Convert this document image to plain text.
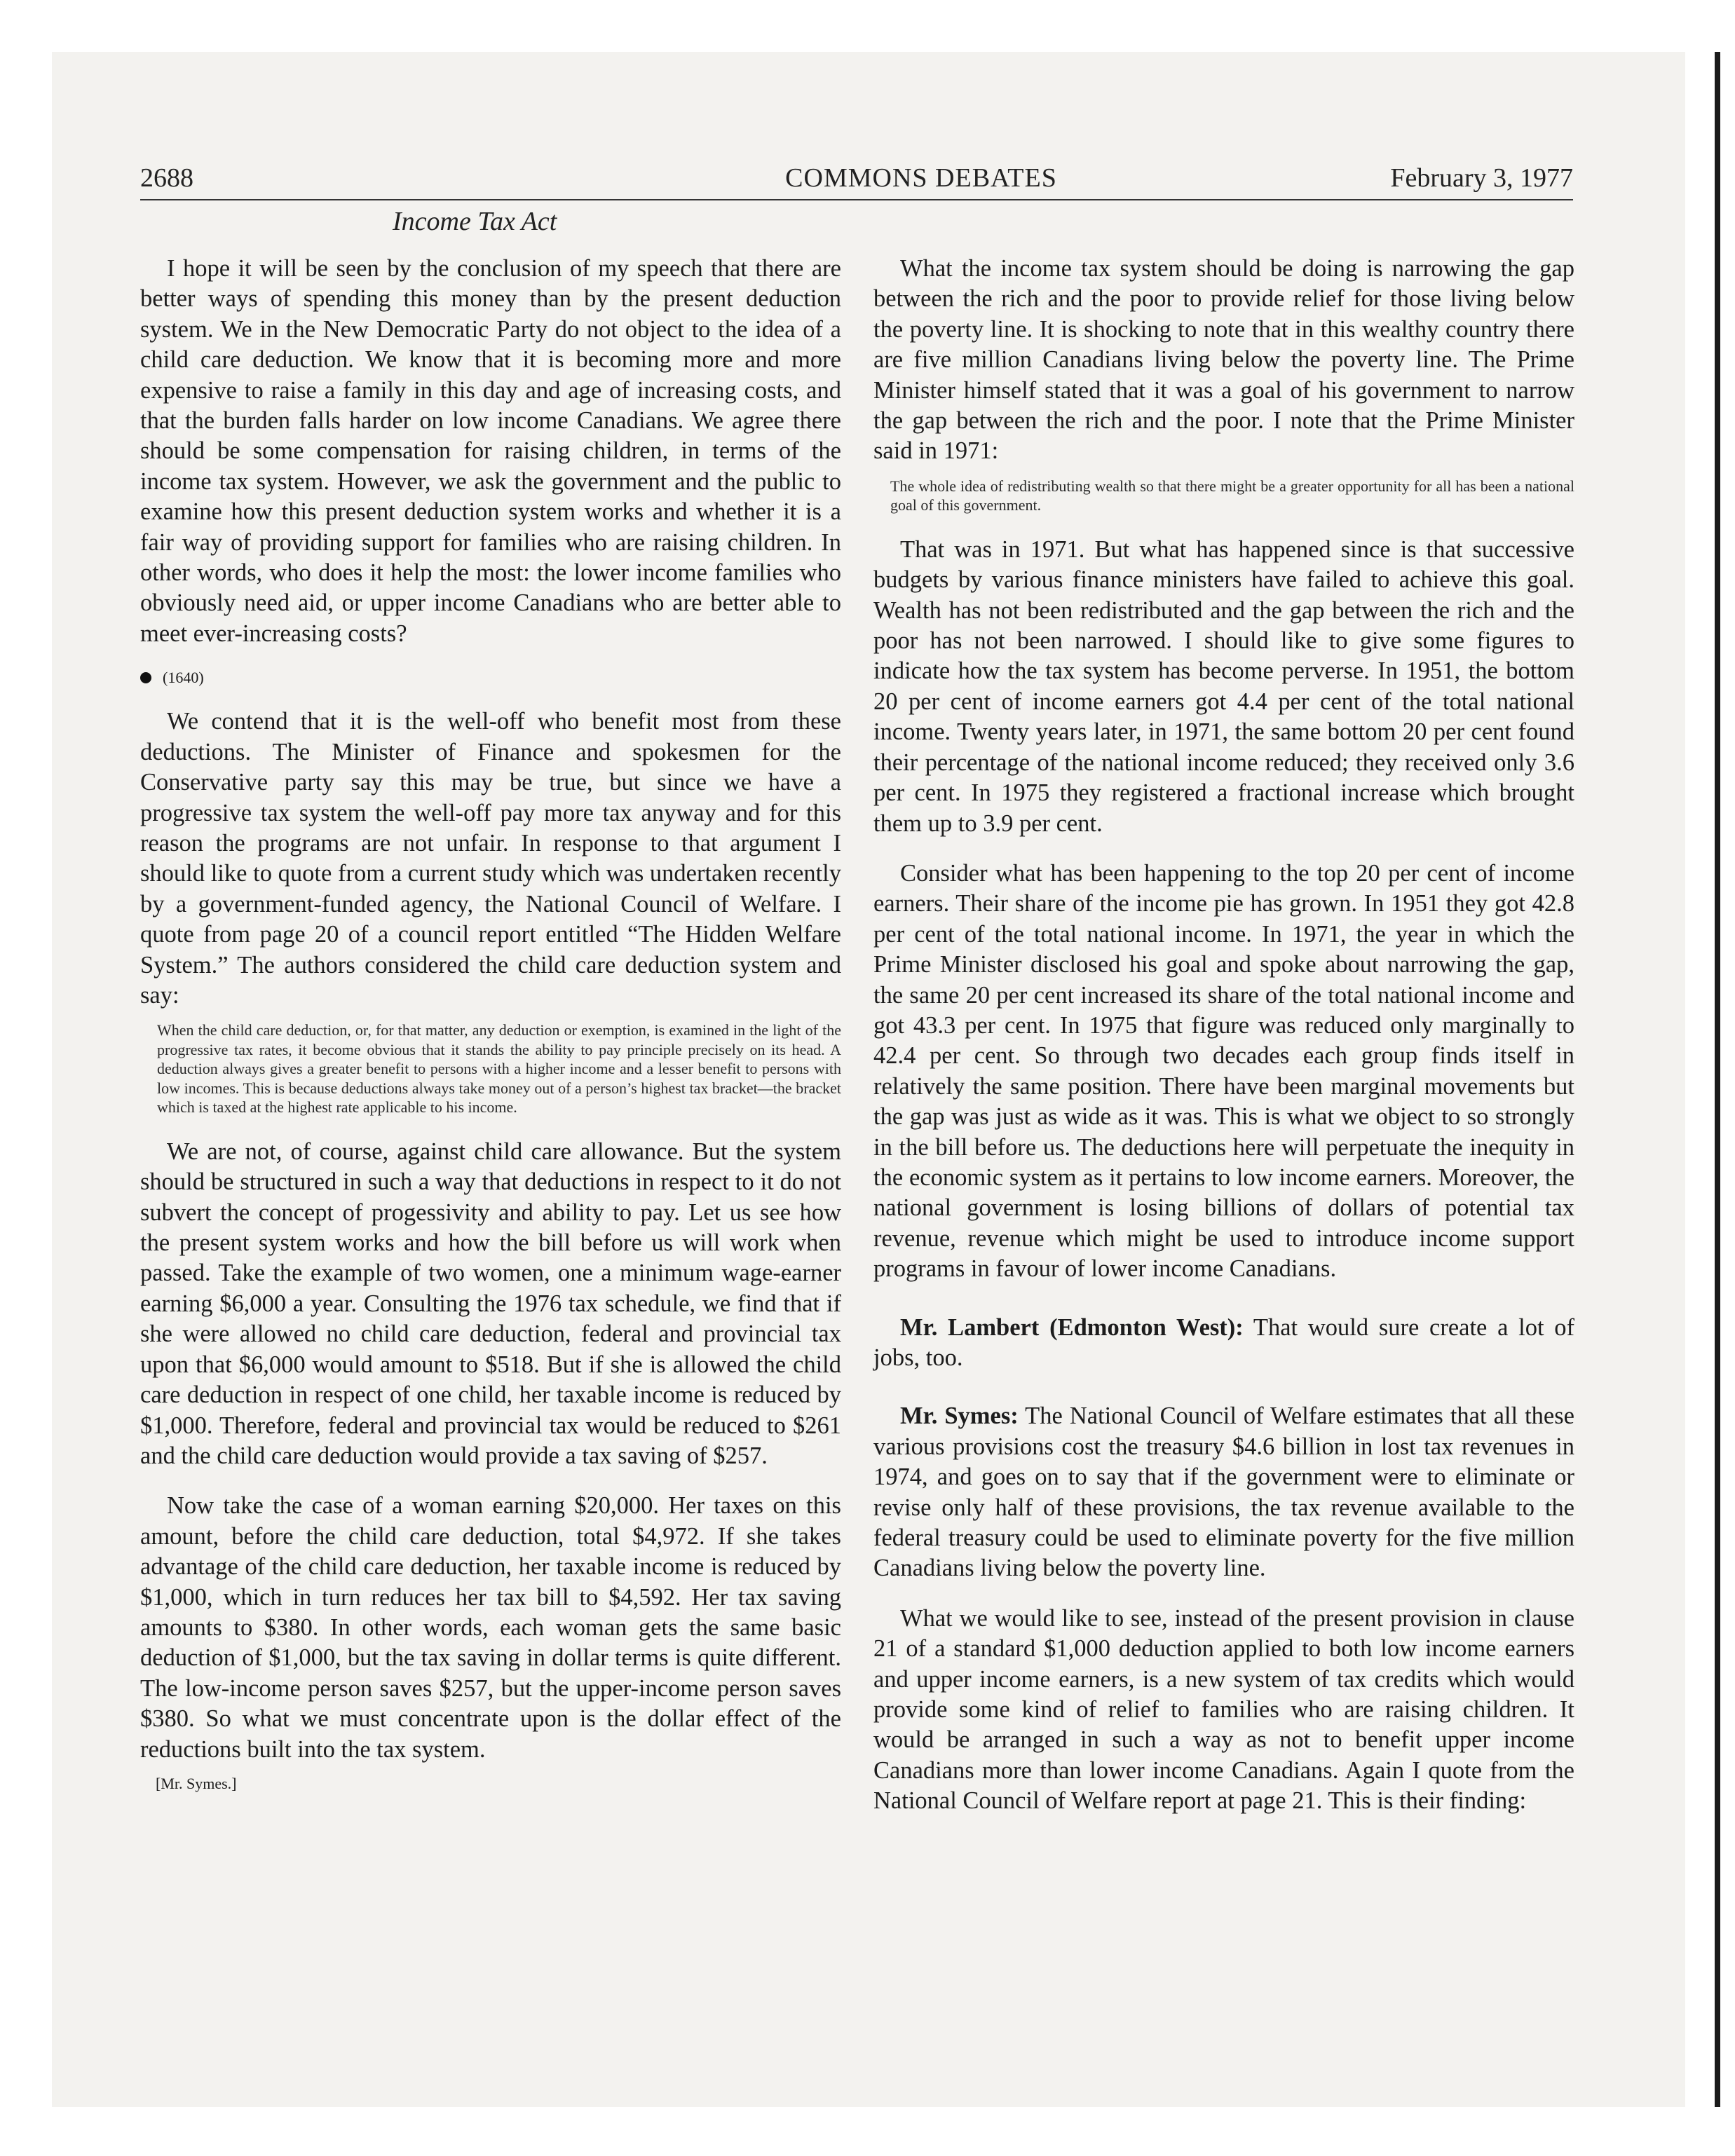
2688	COMMONS DEBATES	February 3, 1977
Income Tax Act

I hope it will be seen by the conclusion of my speech that there are better ways of spending this money than by the present deduction system. We in the New Democratic Party do not object to the idea of a child care deduction. We know that it is becoming more and more expensive to raise a family in this day and age of increasing costs, and that the burden falls harder on low income Canadians. We agree there should be some compensation for raising children, in terms of the income tax system. However, we ask the government and the public to examine how this present deduction system works and whether it is a fair way of providing support for families who are raising children. In other words, who does it help the most: the lower income families who obviously need aid, or upper income Canadians who are better able to meet ever-increasing costs?

(1640)

We contend that it is the well-off who benefit most from these deductions. The Minister of Finance and spokesmen for the Conservative party say this may be true, but since we have a progressive tax system the well-off pay more tax anyway and for this reason the programs are not unfair. In response to that argument I should like to quote from a current study which was undertaken recently by a government-funded agency, the National Council of Welfare. I quote from page 20 of a council report entitled “The Hidden Welfare System.” The authors considered the child care deduction system and say:

When the child care deduction, or, for that matter, any deduction or exemption, is examined in the light of the progressive tax rates, it become obvious that it stands the ability to pay principle precisely on its head. A deduction always gives a greater benefit to persons with a higher income and a lesser benefit to persons with low incomes. This is because deductions always take money out of a person’s highest tax bracket—the bracket which is taxed at the highest rate applicable to his income.

We are not, of course, against child care allowance. But the system should be structured in such a way that deductions in respect to it do not subvert the concept of progessivity and ability to pay. Let us see how the present system works and how the bill before us will work when passed. Take the example of two women, one a minimum wage-earner earning $6,000 a year. Consulting the 1976 tax schedule, we find that if she were allowed no child care deduction, federal and provincial tax upon that $6,000 would amount to $518. But if she is allowed the child care deduction in respect of one child, her taxable income is reduced by $1,000. Therefore, federal and provincial tax would be reduced to $261 and the child care deduction would provide a tax saving of $257.

Now take the case of a woman earning $20,000. Her taxes on this amount, before the child care deduction, total $4,972. If she takes advantage of the child care deduction, her taxable income is reduced by $1,000, which in turn reduces her tax bill to $4,592. Her tax saving amounts to $380. In other words, each woman gets the same basic deduction of $1,000, but the tax saving in dollar terms is quite different. The low-income person saves $257, but the upper-income person saves $380. So what we must concentrate upon is the dollar effect of the reductions built into the tax system.

[Mr. Symes.]

What the income tax system should be doing is narrowing the gap between the rich and the poor to provide relief for those living below the poverty line. It is shocking to note that in this wealthy country there are five million Canadians living below the poverty line. The Prime Minister himself stated that it was a goal of his government to narrow the gap between the rich and the poor. I note that the Prime Minister said in 1971:

The whole idea of redistributing wealth so that there might be a greater opportunity for all has been a national goal of this government.

That was in 1971. But what has happened since is that successive budgets by various finance ministers have failed to achieve this goal. Wealth has not been redistributed and the gap between the rich and the poor has not been narrowed. I should like to give some figures to indicate how the tax system has become perverse. In 1951, the bottom 20 per cent of income earners got 4.4 per cent of the total national income. Twenty years later, in 1971, the same bottom 20 per cent found their percentage of the national income reduced; they received only 3.6 per cent. In 1975 they registered a fractional increase which brought them up to 3.9 per cent.

Consider what has been happening to the top 20 per cent of income earners. Their share of the income pie has grown. In 1951 they got 42.8 per cent of the total national income. In 1971, the year in which the Prime Minister disclosed his goal and spoke about narrowing the gap, the same 20 per cent increased its share of the total national income and got 43.3 per cent. In 1975 that figure was reduced only marginally to 42.4 per cent. So through two decades each group finds itself in relatively the same position. There have been marginal movements but the gap was just as wide as it was. This is what we object to so strongly in the bill before us. The deductions here will perpetuate the inequity in the economic system as it pertains to low income earners. Moreover, the national government is losing billions of dollars of potential tax revenue, revenue which might be used to introduce income support programs in favour of lower income Canadians.

Mr. Lambert (Edmonton West): That would sure create a lot of jobs, too.

Mr. Symes: The National Council of Welfare estimates that all these various provisions cost the treasury $4.6 billion in lost tax revenues in 1974, and goes on to say that if the government were to eliminate or revise only half of these provisions, the tax revenue available to the federal treasury could be used to eliminate poverty for the five million Canadians living below the poverty line.

What we would like to see, instead of the present provision in clause 21 of a standard $1,000 deduction applied to both low income earners and upper income earners, is a new system of tax credits which would provide some kind of relief to families who are raising children. It would be arranged in such a way as not to benefit upper income Canadians more than lower income Canadians. Again I quote from the National Council of Welfare report at page 21. This is their finding:
